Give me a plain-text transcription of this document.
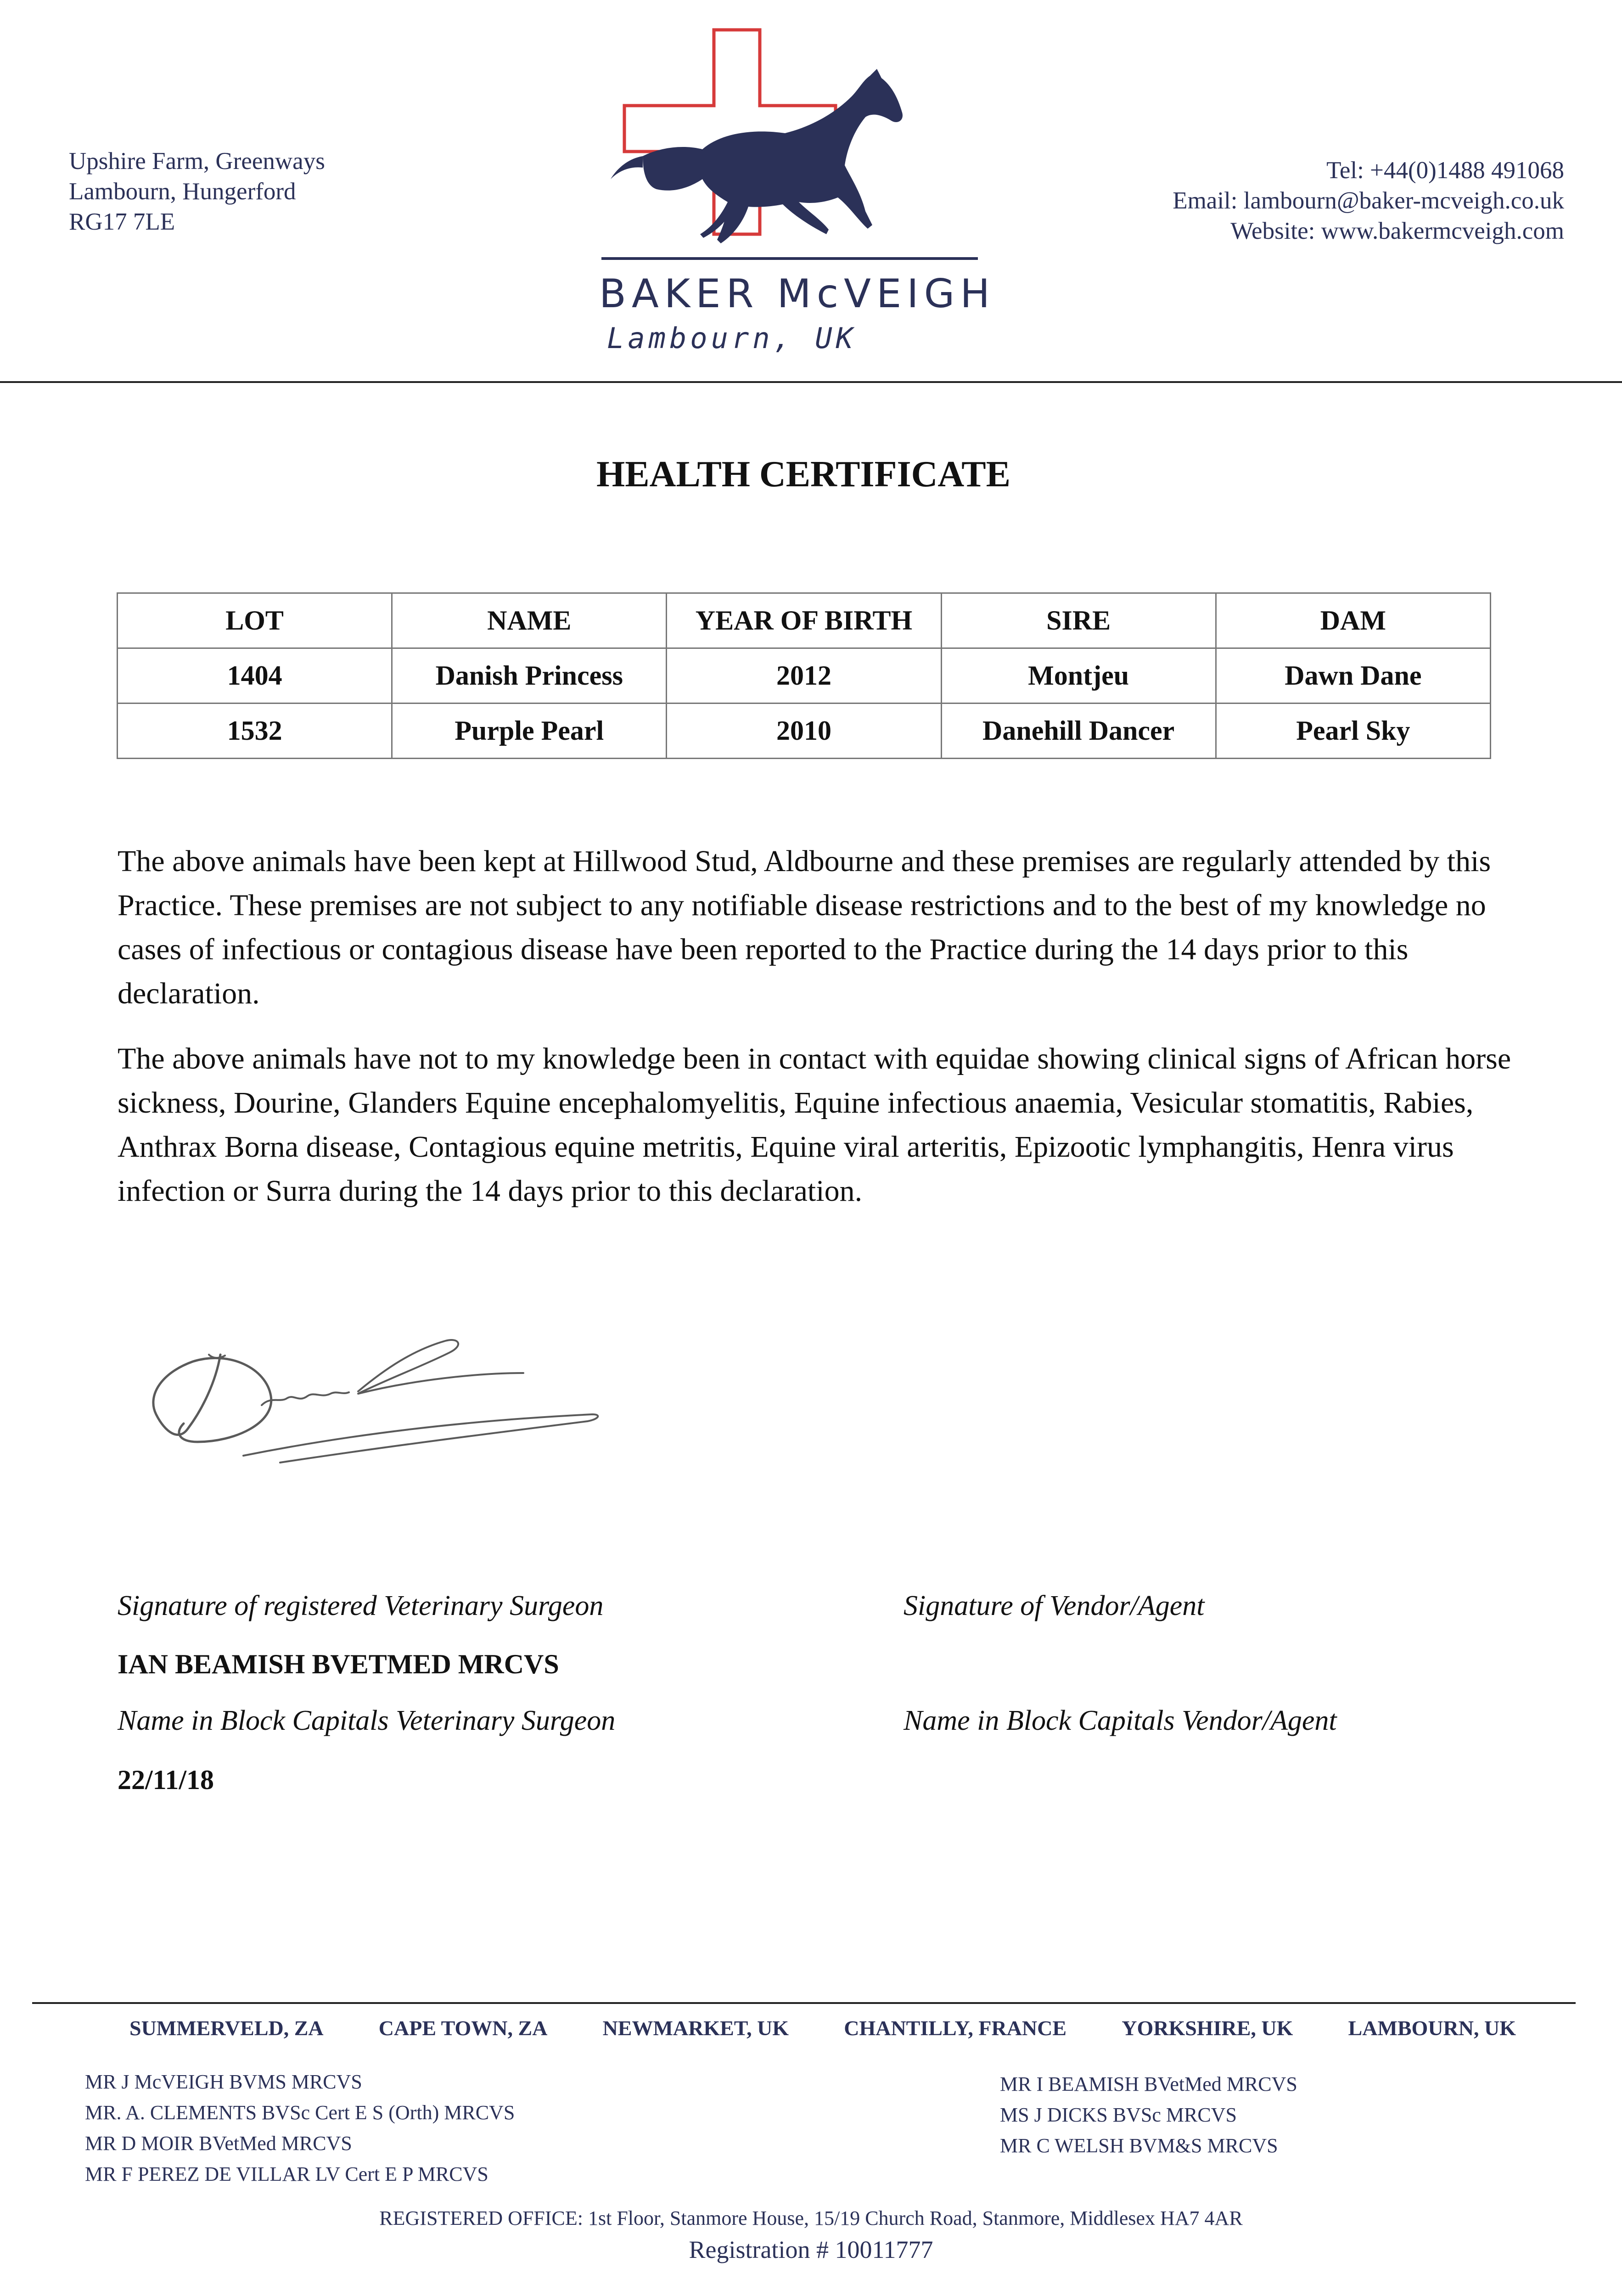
Upshire Farm, Greenways
Lambourn, Hungerford
RG17 7LE
BAKER McVEIGH
Lambourn, UK
Tel: +44(0)1488 491068
Email: lambourn@baker-mcveigh.co.uk
Website: www.bakermcveigh.com
HEALTH CERTIFICATE
LOT	NAME	YEAR OF BIRTH	SIRE	DAM
1404	Danish Princess	2012	Montjeu	Dawn Dane
1532	Purple Pearl	2010	Danehill Dancer	Pearl Sky

The above animals have been kept at Hillwood Stud, Aldbourne and these premises are regularly attended by this Practice. These premises are not subject to any notifiable disease restrictions and to the best of my knowledge no cases of infectious or contagious disease have been reported to the Practice during the 14 days prior to this declaration.

The above animals have not to my knowledge been in contact with equidae showing clinical signs of African horse sickness, Dourine, Glanders Equine encephalomyelitis, Equine infectious anaemia, Vesicular stomatitis, Rabies, Anthrax Borna disease, Contagious equine metritis, Equine viral arteritis, Epizootic lymphangitis, Henra virus infection or Surra during the 14 days prior to this declaration.

Signature of registered Veterinary Surgeon	Signature of Vendor/Agent
IAN BEAMISH BVETMED MRCVS
Name in Block Capitals Veterinary Surgeon	Name in Block Capitals Vendor/Agent
22/11/18
SUMMERVELD, ZA	CAPE TOWN, ZA	NEWMARKET, UK	CHANTILLY, FRANCE	YORKSHIRE, UK	LAMBOURN, UK
MR J McVEIGH BVMS MRCVS
MR. A. CLEMENTS BVSc Cert E S (Orth) MRCVS
MR D MOIR BVetMed MRCVS
MR F PEREZ DE VILLAR LV Cert E P MRCVS
MR I BEAMISH BVetMed MRCVS
MS J DICKS BVSc MRCVS
MR C WELSH BVM&S MRCVS
REGISTERED OFFICE: 1st Floor, Stanmore House, 15/19 Church Road, Stanmore, Middlesex HA7 4AR
Registration # 10011777
